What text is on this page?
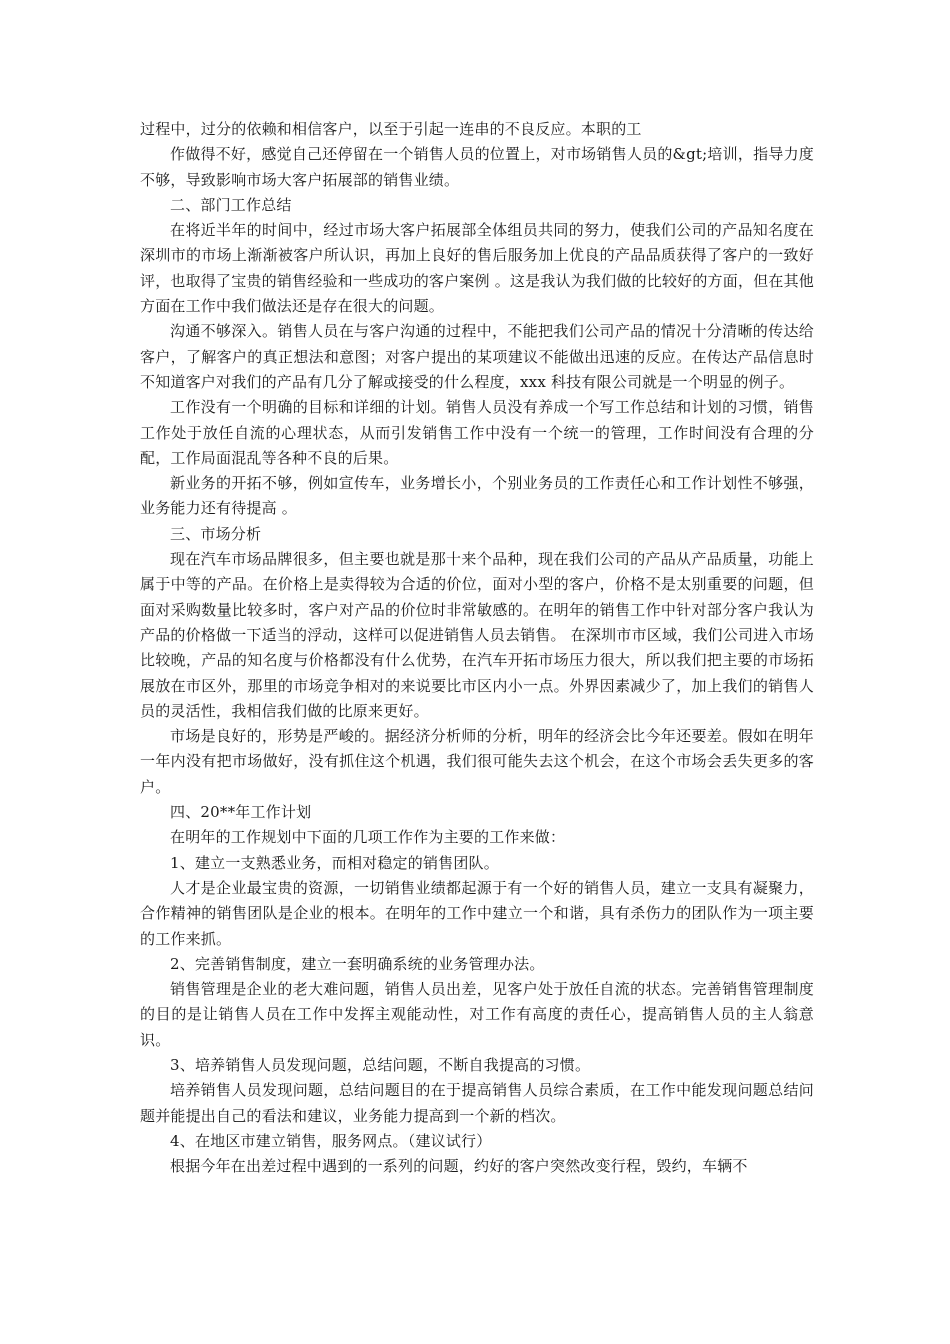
过程中，过分的依赖和相信客户，以至于引起一连串的不良反应。本职的工

作做得不好，感觉自己还停留在一个销售人员的位置上，对市场销售人员的&gt;培训，指导力度不够，导致影响市场大客户拓展部的销售业绩。

二、部门工作总结

在将近半年的时间中，经过市场大客户拓展部全体组员共同的努力，使我们公司的产品知名度在深圳市的市场上渐渐被客户所认识，再加上良好的售后服务加上优良的产品品质获得了客户的一致好评，也取得了宝贵的销售经验和一些成功的客户案例 。这是我认为我们做的比较好的方面，但在其他方面在工作中我们做法还是存在很大的问题。

沟通不够深入。销售人员在与客户沟通的过程中，不能把我们公司产品的情况十分清晰的传达给客户，了解客户的真正想法和意图；对客户提出的某项建议不能做出迅速的反应。在传达产品信息时不知道客户对我们的产品有几分了解或接受的什么程度，xxx 科技有限公司就是一个明显的例子。

工作没有一个明确的目标和详细的计划。销售人员没有养成一个写工作总结和计划的习惯，销售工作处于放任自流的心理状态，从而引发销售工作中没有一个统一的管理，工作时间没有合理的分配，工作局面混乱等各种不良的后果。

新业务的开拓不够，例如宣传车，业务增长小，个别业务员的工作责任心和工作计划性不够强，业务能力还有待提高 。

三、市场分析

现在汽车市场品牌很多，但主要也就是那十来个品种，现在我们公司的产品从产品质量，功能上属于中等的产品。在价格上是卖得较为合适的价位，面对小型的客户，价格不是太别重要的问题，但面对采购数量比较多时，客户对产品的价位时非常敏感的。在明年的销售工作中针对部分客户我认为产品的价格做一下适当的浮动，这样可以促进销售人员去销售。 在深圳市市区域，我们公司进入市场比较晚，产品的知名度与价格都没有什么优势，在汽车开拓市场压力很大，所以我们把主要的市场拓展放在市区外，那里的市场竞争相对的来说要比市区内小一点。外界因素减少了，加上我们的销售人员的灵活性，我相信我们做的比原来更好。

市场是良好的，形势是严峻的。据经济分析师的分析，明年的经济会比今年还要差。假如在明年一年内没有把市场做好，没有抓住这个机遇，我们很可能失去这个机会，在这个市场会丢失更多的客户。

四、20**年工作计划

在明年的工作规划中下面的几项工作作为主要的工作来做：

1、建立一支熟悉业务，而相对稳定的销售团队。

人才是企业最宝贵的资源，一切销售业绩都起源于有一个好的销售人员，建立一支具有凝聚力，合作精神的销售团队是企业的根本。在明年的工作中建立一个和谐，具有杀伤力的团队作为一项主要的工作来抓。

2、完善销售制度，建立一套明确系统的业务管理办法。

销售管理是企业的老大难问题，销售人员出差，见客户处于放任自流的状态。完善销售管理制度的目的是让销售人员在工作中发挥主观能动性，对工作有高度的责任心，提高销售人员的主人翁意识。

3、培养销售人员发现问题，总结问题，不断自我提高的习惯。

培养销售人员发现问题，总结问题目的在于提高销售人员综合素质，在工作中能发现问题总结问题并能提出自己的看法和建议，业务能力提高到一个新的档次。

4、在地区市建立销售，服务网点。（建议试行）

根据今年在出差过程中遇到的一系列的问题，约好的客户突然改变行程，毁约，车辆不
